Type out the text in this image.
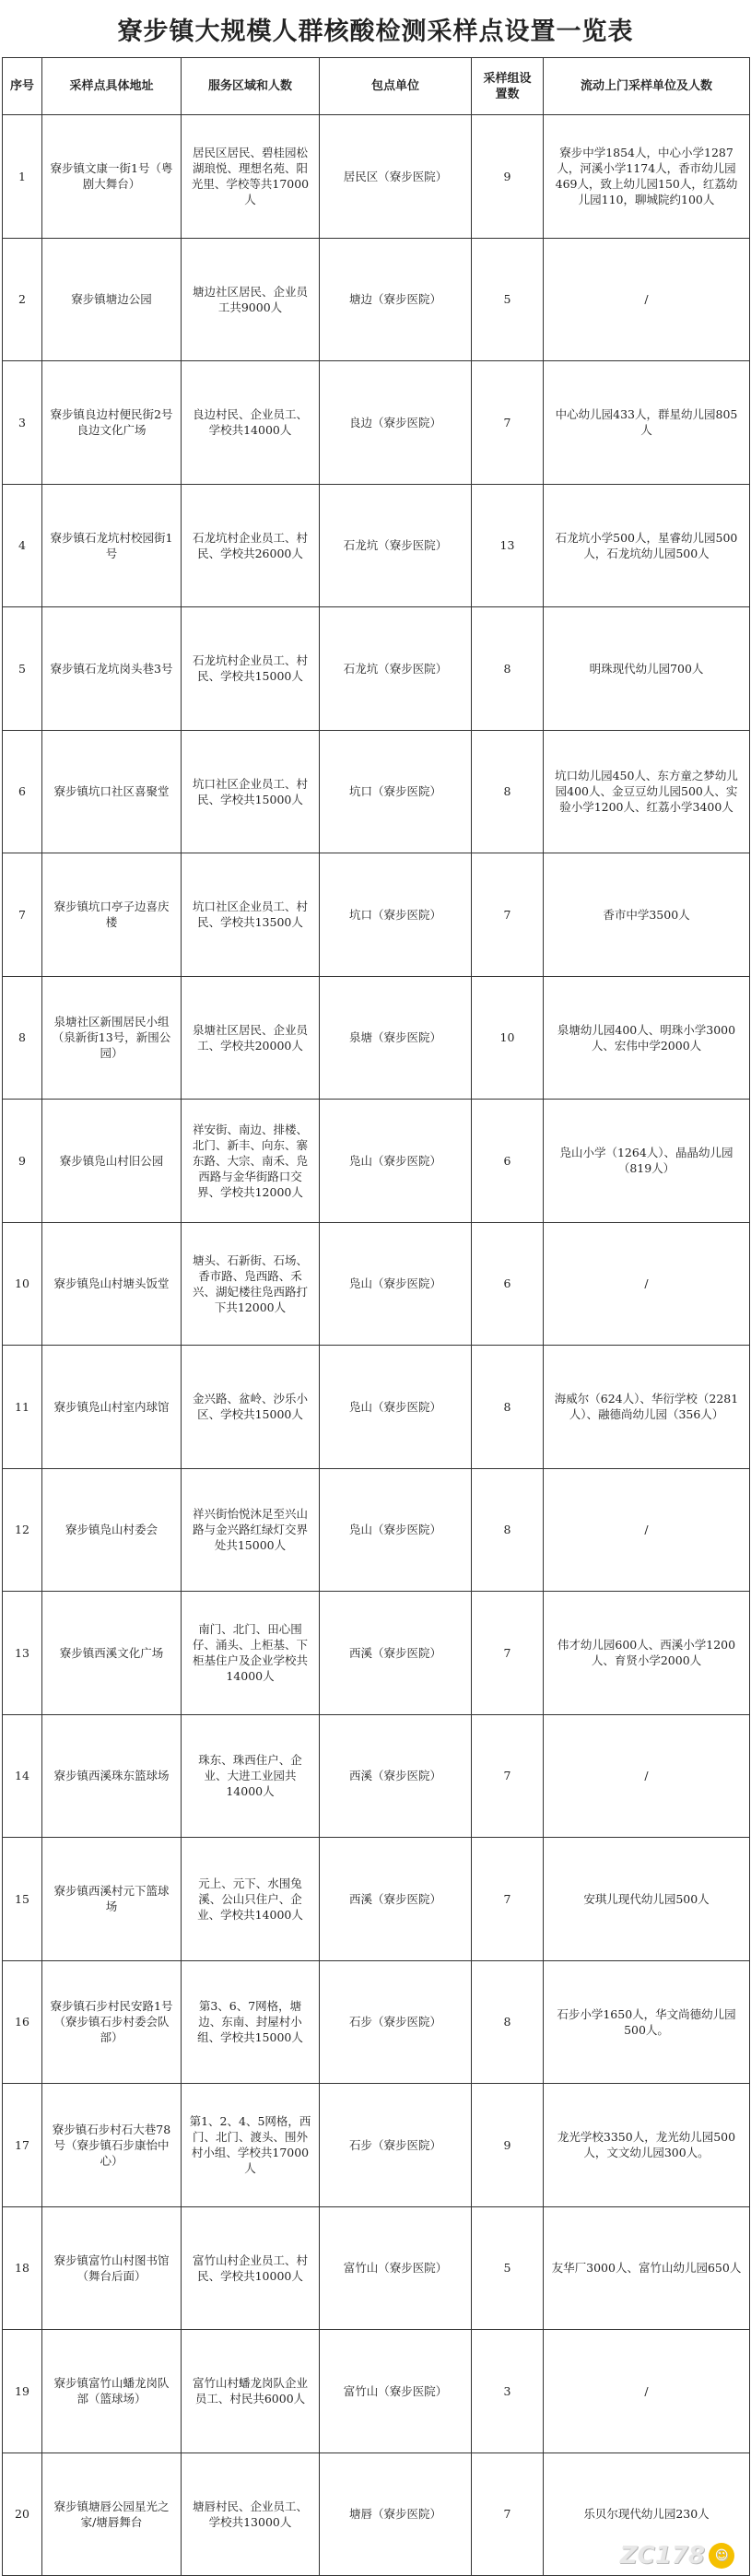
寮步镇大规模人群核酸检测采样点设置一览表
序号	采样点具体地址	服务区域和人数	包点单位	采样组设置数	流动上门采样单位及人数
1	寮步镇文康一街1号（粤剧大舞台）	居民区居民、碧桂园松湖琅悦、理想名苑、阳光里、学校等共17000人	居民区（寮步医院）	9	寮步中学1854人，中心小学1287人，河溪小学1174人，香市幼儿园469人，致上幼儿园150人，红荔幼儿园110，聊城院约100人
2	寮步镇塘边公园	塘边社区居民、企业员工共9000人	塘边（寮步医院）	5	/
3	寮步镇良边村便民街2号良边文化广场	良边村民、企业员工、学校共14000人	良边（寮步医院）	7	中心幼儿园433人，群星幼儿园805人
4	寮步镇石龙坑村校园街1号	石龙坑村企业员工、村民、学校共26000人	石龙坑（寮步医院）	13	石龙坑小学500人，星睿幼儿园500人，石龙坑幼儿园500人
5	寮步镇石龙坑岗头巷3号	石龙坑村企业员工、村民、学校共15000人	石龙坑（寮步医院）	8	明珠现代幼儿园700人
6	寮步镇坑口社区喜聚堂	坑口社区企业员工、村民、学校共15000人	坑口（寮步医院）	8	坑口幼儿园450人、东方童之梦幼儿园400人、金豆豆幼儿园500人、实验小学1200人、红荔小学3400人
7	寮步镇坑口亭子边喜庆楼	坑口社区企业员工、村民、学校共13500人	坑口（寮步医院）	7	香市中学3500人
8	泉塘社区新围居民小组（泉新街13号，新围公园）	泉塘社区居民、企业员工、学校共20000人	泉塘（寮步医院）	10	泉塘幼儿园400人、明珠小学3000人、宏伟中学2000人
9	寮步镇凫山村旧公园	祥安街、南边、排楼、北门、新丰、向东、寨东路、大宗、南禾、凫西路与金华街路口交界、学校共12000人	凫山（寮步医院）	6	凫山小学（1264人）、晶晶幼儿园（819人）
10	寮步镇凫山村塘头饭堂	塘头、石新街、石场、香市路、凫西路、禾兴、湖妃楼往凫西路打下共12000人	凫山（寮步医院）	6	/
11	寮步镇凫山村室内球馆	金兴路、盆岭、沙乐小区、学校共15000人	凫山（寮步医院）	8	海威尔（624人）、华衍学校（2281人）、融德尚幼儿园（356人）
12	寮步镇凫山村委会	祥兴街怡悦沐足至兴山路与金兴路红绿灯交界处共15000人	凫山（寮步医院）	8	/
13	寮步镇西溪文化广场	南门、北门、田心围仔、涌头、上柜基、下柜基住户及企业学校共14000人	西溪（寮步医院）	7	伟才幼儿园600人、西溪小学1200人、育贤小学2000人
14	寮步镇西溪珠东篮球场	珠东、珠西住户、企业、大进工业园共14000人	西溪（寮步医院）	7	/
15	寮步镇西溪村元下篮球场	元上、元下、水围兔溪、公山只住户、企业、学校共14000人	西溪（寮步医院）	7	安琪儿现代幼儿园500人
16	寮步镇石步村民安路1号（寮步镇石步村委会队部）	第3、6、7网格，塘边、东南、封屋村小组、学校共15000人	石步（寮步医院）	8	石步小学1650人，华文尚德幼儿园500人。
17	寮步镇石步村石大巷78号（寮步镇石步康怡中心）	第1、2、4、5网格，西门、北门、渡头、围外村小组、学校共17000人	石步（寮步医院）	9	龙光学校3350人，龙光幼儿园500人，文文幼儿园300人。
18	寮步镇富竹山村图书馆（舞台后面）	富竹山村企业员工、村民、学校共10000人	富竹山（寮步医院）	5	友华厂3000人、富竹山幼儿园650人
19	寮步镇富竹山蟠龙岗队部（篮球场）	富竹山村蟠龙岗队企业员工、村民共6000人	富竹山（寮步医院）	3	/
20	寮步镇塘唇公园星光之家/塘唇舞台	塘唇村民、企业员工、学校共13000人	塘唇（寮步医院）	7	乐贝尔现代幼儿园230人
ZC178 ☺
